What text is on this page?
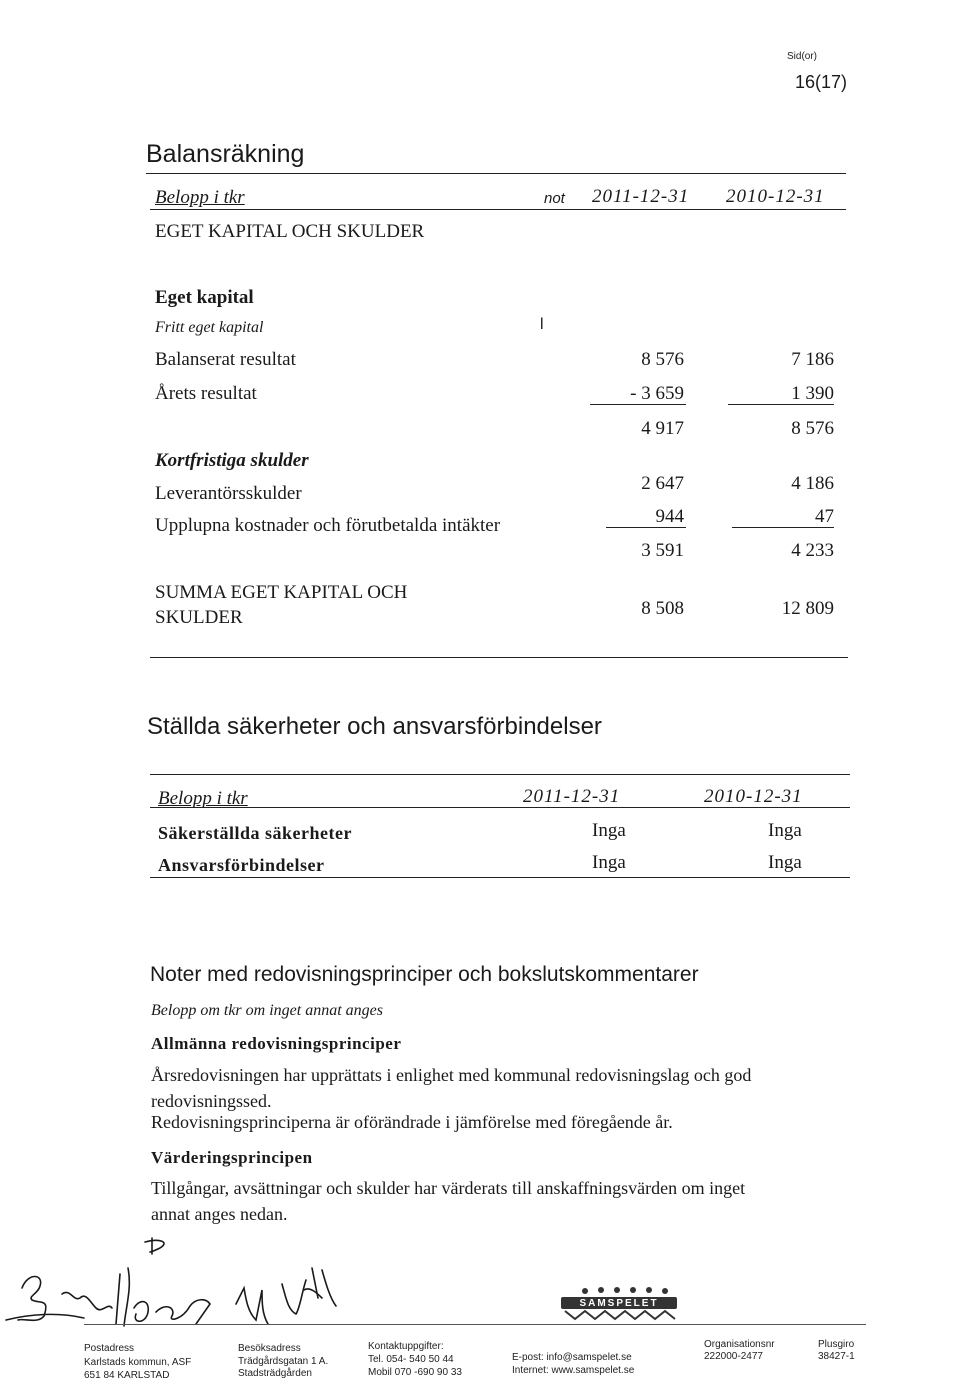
Sid(or)
16(17)
Balansräkning
Belopp i tkr	not 2011-12-31 2010-12-31
EGET KAPITAL OCH SKULDER
Eget kapital
Fritt eget kapital	l
Balanserat resultat	8 576	7 186
Årets resultat	- 3 659	1 390
4 917	8 576
Kortfristiga skulder
Leverantörsskulder	2 647	4 186
Upplupna kostnader och förutbetalda intäkter	944	47
3 591	4 233
SUMMA EGET KAPITAL OCH
SKULDER	8 508	12 809
Ställda säkerheter och ansvarsförbindelser
Belopp i tkr	2011-12-31	2010-12-31
Säkerställda säkerheter	Inga	Inga
Ansvarsförbindelser	Inga	Inga
Noter med redovisningsprinciper och bokslutskommentarer
Belopp om tkr om inget annat anges
Allmänna redovisningsprinciper
Årsredovisningen har upprättats i enlighet med kommunal redovisningslag och god
redovisningssed.
Redovisningsprinciperna är oförändrade i jämförelse med föregående år.
Värderingsprincipen
Tillgångar, avsättningar och skulder har värderats till anskaffningsvärden om inget
annat anges nedan.
SAMSPELET
Postadress
Karlstads kommun, ASF
651 84 KARLSTAD
Besöksadress
Trädgårdsgatan 1 A.
Stadsträdgården
Kontaktuppgifter:
Tel. 054- 540 50 44
Mobil 070 -690 90 33
E-post: info@samspelet.se
Internet: www.samspelet.se
Organisationsnr
222000-2477
Plusgiro
38427-1
